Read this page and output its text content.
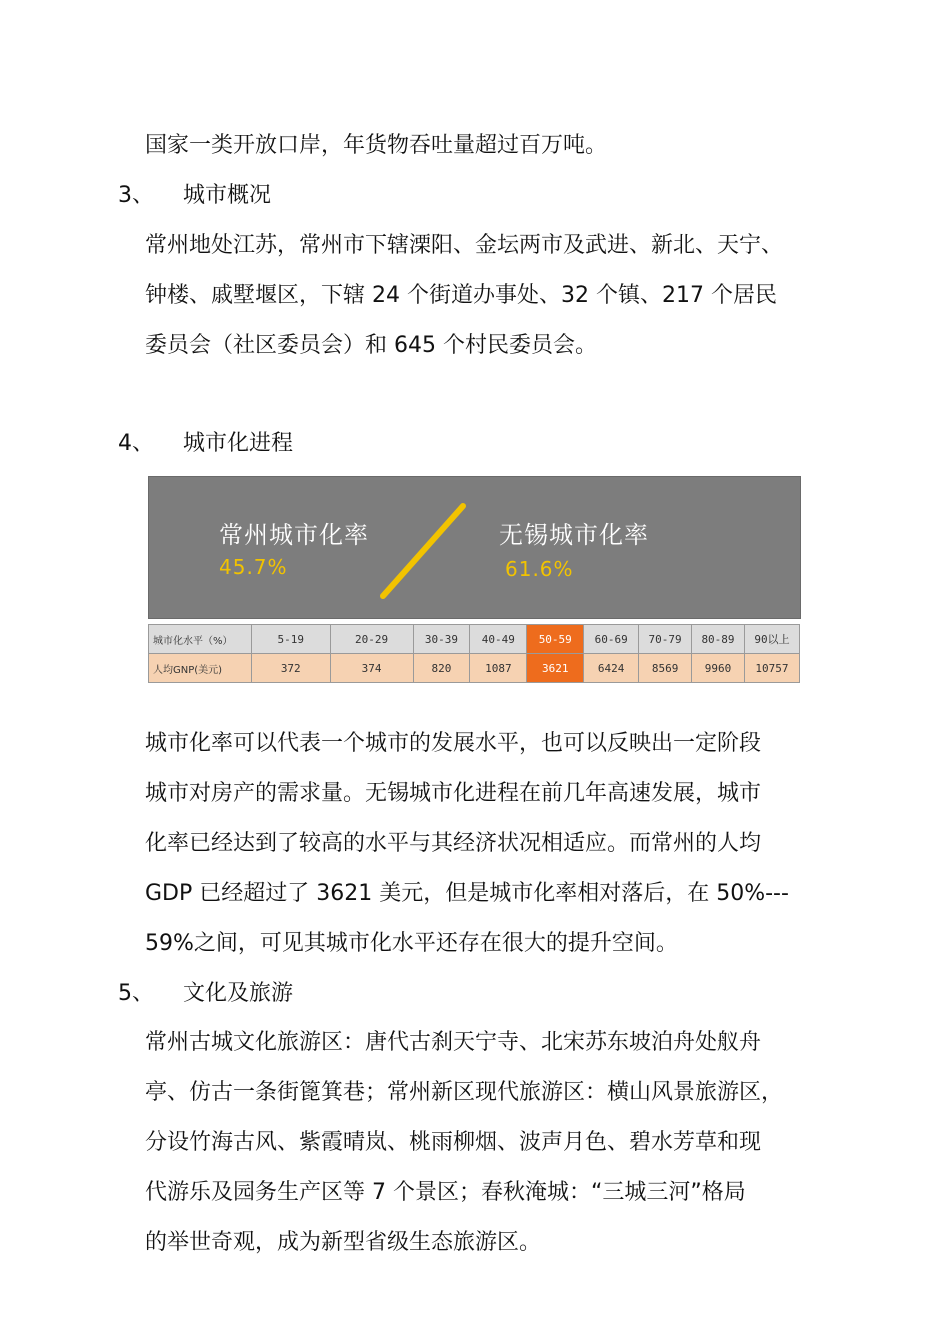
国家一类开放口岸，年货物吞吐量超过百万吨。
3、 城市概况
常州地处江苏，常州市下辖溧阳、金坛两市及武进、新北、天宁、
钟楼、戚墅堰区，下辖 24 个街道办事处、32 个镇、217 个居民
委员会（社区委员会）和 645 个村民委员会。
4、 城市化进程
常州城市化率
45.7%
无锡城市化率
61.6%
城市化水平（%）	5-19	20-29	30-39	40-49	50-59	60-69	70-79	80-89	90以上
人均GNP(美元)	372	374	820	1087	3621	6424	8569	9960	10757
城市化率可以代表一个城市的发展水平，也可以反映出一定阶段
城市对房产的需求量。无锡城市化进程在前几年高速发展，城市
化率已经达到了较高的水平与其经济状况相适应。而常州的人均
GDP 已经超过了 3621 美元，但是城市化率相对落后，在 50%---
59%之间，可见其城市化水平还存在很大的提升空间。
5、 文化及旅游
常州古城文化旅游区：唐代古刹天宁寺、北宋苏东坡泊舟处舣舟
亭、仿古一条街篦箕巷；常州新区现代旅游区：横山风景旅游区，
分设竹海古风、紫霞晴岚、桃雨柳烟、波声月色、碧水芳草和现
代游乐及园务生产区等 7 个景区；春秋淹城：“三城三河”格局
的举世奇观，成为新型省级生态旅游区。
